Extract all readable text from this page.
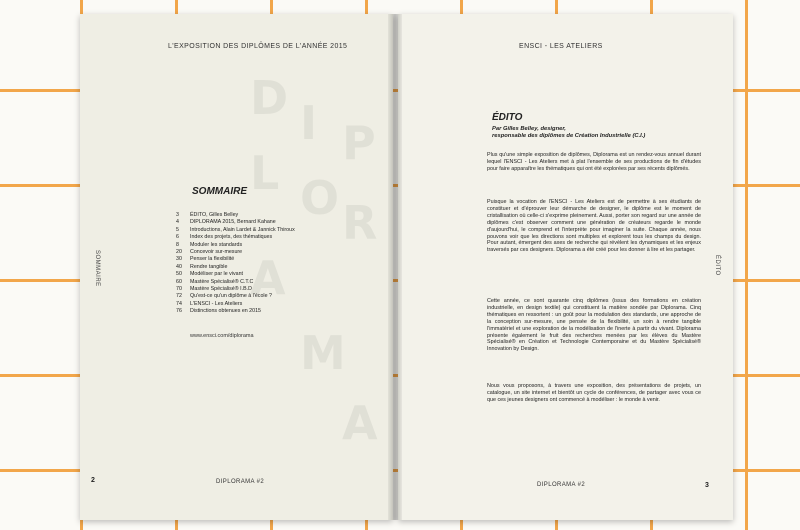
L'EXPOSITION DES DIPLÔMES DE L'ANNÉE 2015
D I P
L O R
A
M
A
SOMMAIRE
SOMMAIRE
3	ÉDITO, Gilles Belley
4	DIPLORAMA 2015, Bernard Kahane
5	Introductions, Alain Lardet & Jannick Thiroux
6	Index des projets, des thématiques
8	Moduler les standards
20	Concevoir sur-mesure
30	Penser la flexibilité
40	Rendre tangible
50	Modéliser par le vivant
60	Mastère Spécialisé® C.T.C
70	Mastère Spécialisé® I.B.D
72	Qu'est-ce qu'un diplôme à l'école ?
74	L'ENSCI - Les Ateliers
76	Distinctions obtenues en 2015
www.ensci.com/diplorama
2	DIPLORAMA #2
ENSCI - LES ATELIERS
ÉDITO
ÉDITO
Par Gilles Belley, designer,
responsable des diplômes de Création Industrielle (C.I.)
Plus qu'une simple exposition de diplômes, Diplorama est un rendez-vous annuel durant lequel l'ENSCI - Les Ateliers met à plat l'ensemble de ses productions de fin d'études pour faire apparaître les thématiques qui ont été explorées par ses récents diplômés.
Puisque la vocation de l'ENSCI - Les Ateliers est de permettre à ses étudiants de constituer et d'éprouver leur démarche de designer, le diplôme est le moment de cristallisation où celle-ci s'exprime pleinement. Aussi, porter son regard sur une année de diplômes c'est observer comment une génération de créateurs regarde le monde d'aujourd'hui, le comprend et l'interprète pour imaginer la suite. Chaque année, nous pouvons voir que les directions sont multiples et explorent tous les champs du design. Pour autant, émergent des axes de recherche qui révèlent les dynamiques et les enjeux traversés par ces designers. Diplorama a été créé pour les donner à lire et les partager.
Cette année, ce sont quarante cinq diplômes (issus des formations en création industrielle, en design textile) qui constituent la matière sondée par Diplorama. Cinq thématiques en ressortent : un goût pour la modulation des standards, une approche de la conception sur-mesure, une pensée de la flexibilité, un soin à rendre tangible l'immatériel et une exploration de la modélisation de l'inerte à partir du vivant. Diplorama présente également le fruit des recherches menées par les élèves du Mastère Spécialisé® en Création et Technologie Contemporaine et du Mastère Spécialisé® Innovation by Design.
Nous vous proposons, à travers une exposition, des présentations de projets, un catalogue, un site internet et bientôt un cycle de conférences, de partager avec vous ce que ces jeunes designers ont commencé à modéliser : le monde à venir.
3
DIPLORAMA #2
